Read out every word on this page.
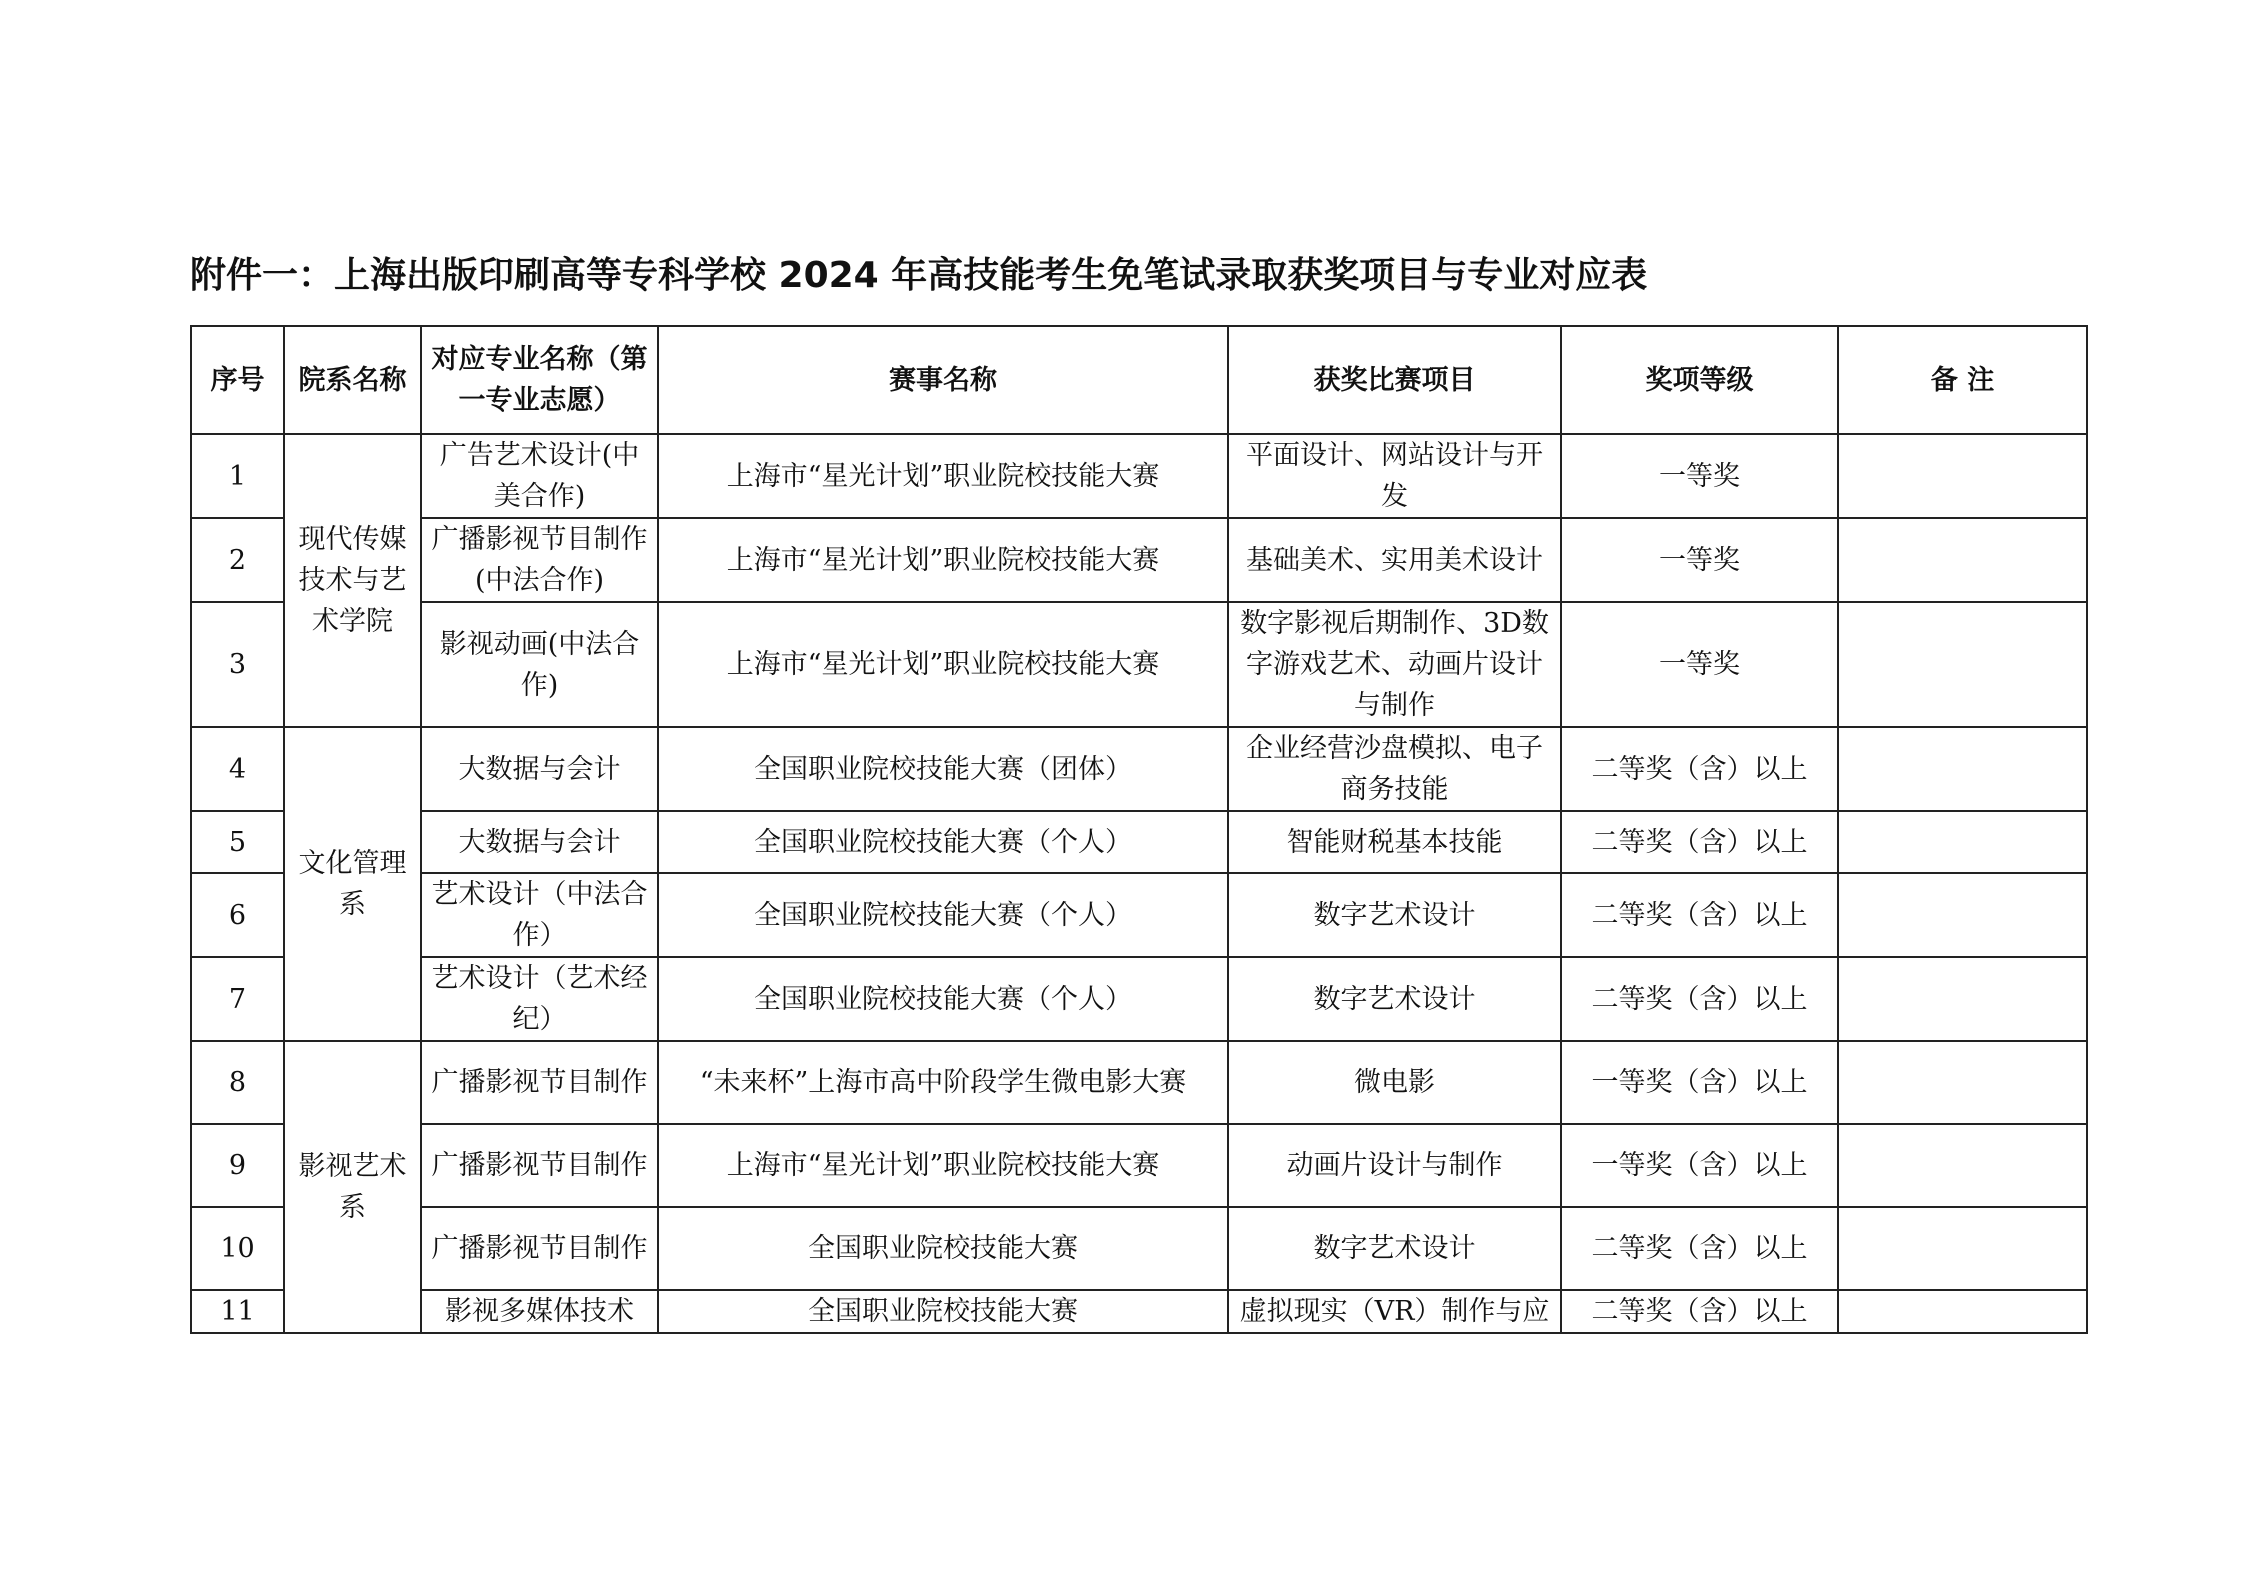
附件一：上海出版印刷高等专科学校 2024 年高技能考生免笔试录取获奖项目与专业对应表
序号	院系名称	对应专业名称（第一专业志愿）	赛事名称	获奖比赛项目	奖项等级	备 注
1	现代传媒技术与艺术学院	广告艺术设计(中美合作)	上海市“星光计划”职业院校技能大赛	平面设计、网站设计与开发	一等奖	
2		广播影视节目制作(中法合作)	上海市“星光计划”职业院校技能大赛	基础美术、实用美术设计	一等奖	
3		影视动画(中法合作)	上海市“星光计划”职业院校技能大赛	数字影视后期制作、3D数字游戏艺术、动画片设计与制作	一等奖	
4	文化管理系	大数据与会计	全国职业院校技能大赛（团体）	企业经营沙盘模拟、电子商务技能	二等奖（含）以上	
5		大数据与会计	全国职业院校技能大赛（个人）	智能财税基本技能	二等奖（含）以上	
6		艺术设计（中法合作）	全国职业院校技能大赛（个人）	数字艺术设计	二等奖（含）以上	
7		艺术设计（艺术经纪）	全国职业院校技能大赛（个人）	数字艺术设计	二等奖（含）以上	
8	影视艺术系	广播影视节目制作	“未来杯”上海市高中阶段学生微电影大赛	微电影	一等奖（含）以上	
9		广播影视节目制作	上海市“星光计划”职业院校技能大赛	动画片设计与制作	一等奖（含）以上	
10		广播影视节目制作	全国职业院校技能大赛	数字艺术设计	二等奖（含）以上	
11		影视多媒体技术	全国职业院校技能大赛	虚拟现实（VR）制作与应	二等奖（含）以上	
